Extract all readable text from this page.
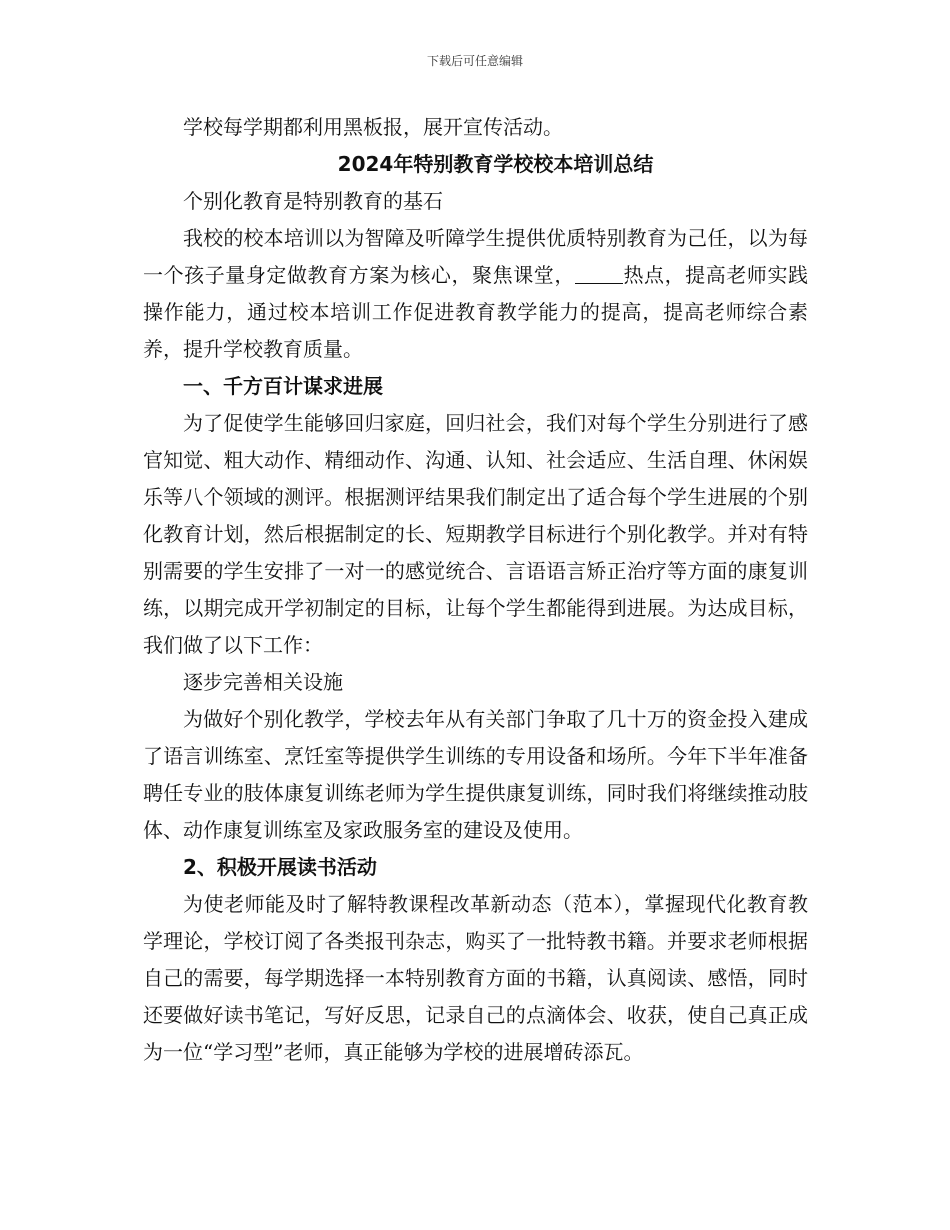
下载后可任意编辑

学校每学期都利用黑板报，展开宣传活动。

2024年特别教育学校校本培训总结

个别化教育是特别教育的基石

我校的校本培训以为智障及听障学生提供优质特别教育为己任，以为每一个孩子量身定做教育方案为核心，聚焦课堂， 热点，提高老师实践操作能力，通过校本培训工作促进教育教学能力的提高，提高老师综合素养，提升学校教育质量。

一、千方百计谋求进展

为了促使学生能够回归家庭，回归社会，我们对每个学生分别进行了感官知觉、粗大动作、精细动作、沟通、认知、社会适应、生活自理、休闲娱乐等八个领域的测评。根据测评结果我们制定出了适合每个学生进展的个别化教育计划，然后根据制定的长、短期教学目标进行个别化教学。并对有特别需要的学生安排了一对一的感觉统合、言语语言矫正治疗等方面的康复训练，以期完成开学初制定的目标，让每个学生都能得到进展。为达成目标，我们做了以下工作：

逐步完善相关设施

为做好个别化教学，学校去年从有关部门争取了几十万的资金投入建成了语言训练室、烹饪室等提供学生训练的专用设备和场所。今年下半年准备聘任专业的肢体康复训练老师为学生提供康复训练，同时我们将继续推动肢体、动作康复训练室及家政服务室的建设及使用。

2、积极开展读书活动

为使老师能及时了解特教课程改革新动态（范本），掌握现代化教育教学理论，学校订阅了各类报刊杂志，购买了一批特教书籍。并要求老师根据自己的需要，每学期选择一本特别教育方面的书籍，认真阅读、感悟，同时还要做好读书笔记，写好反思，记录自己的点滴体会、收获，使自己真正成为一位“学习型”老师，真正能够为学校的进展增砖添瓦。
